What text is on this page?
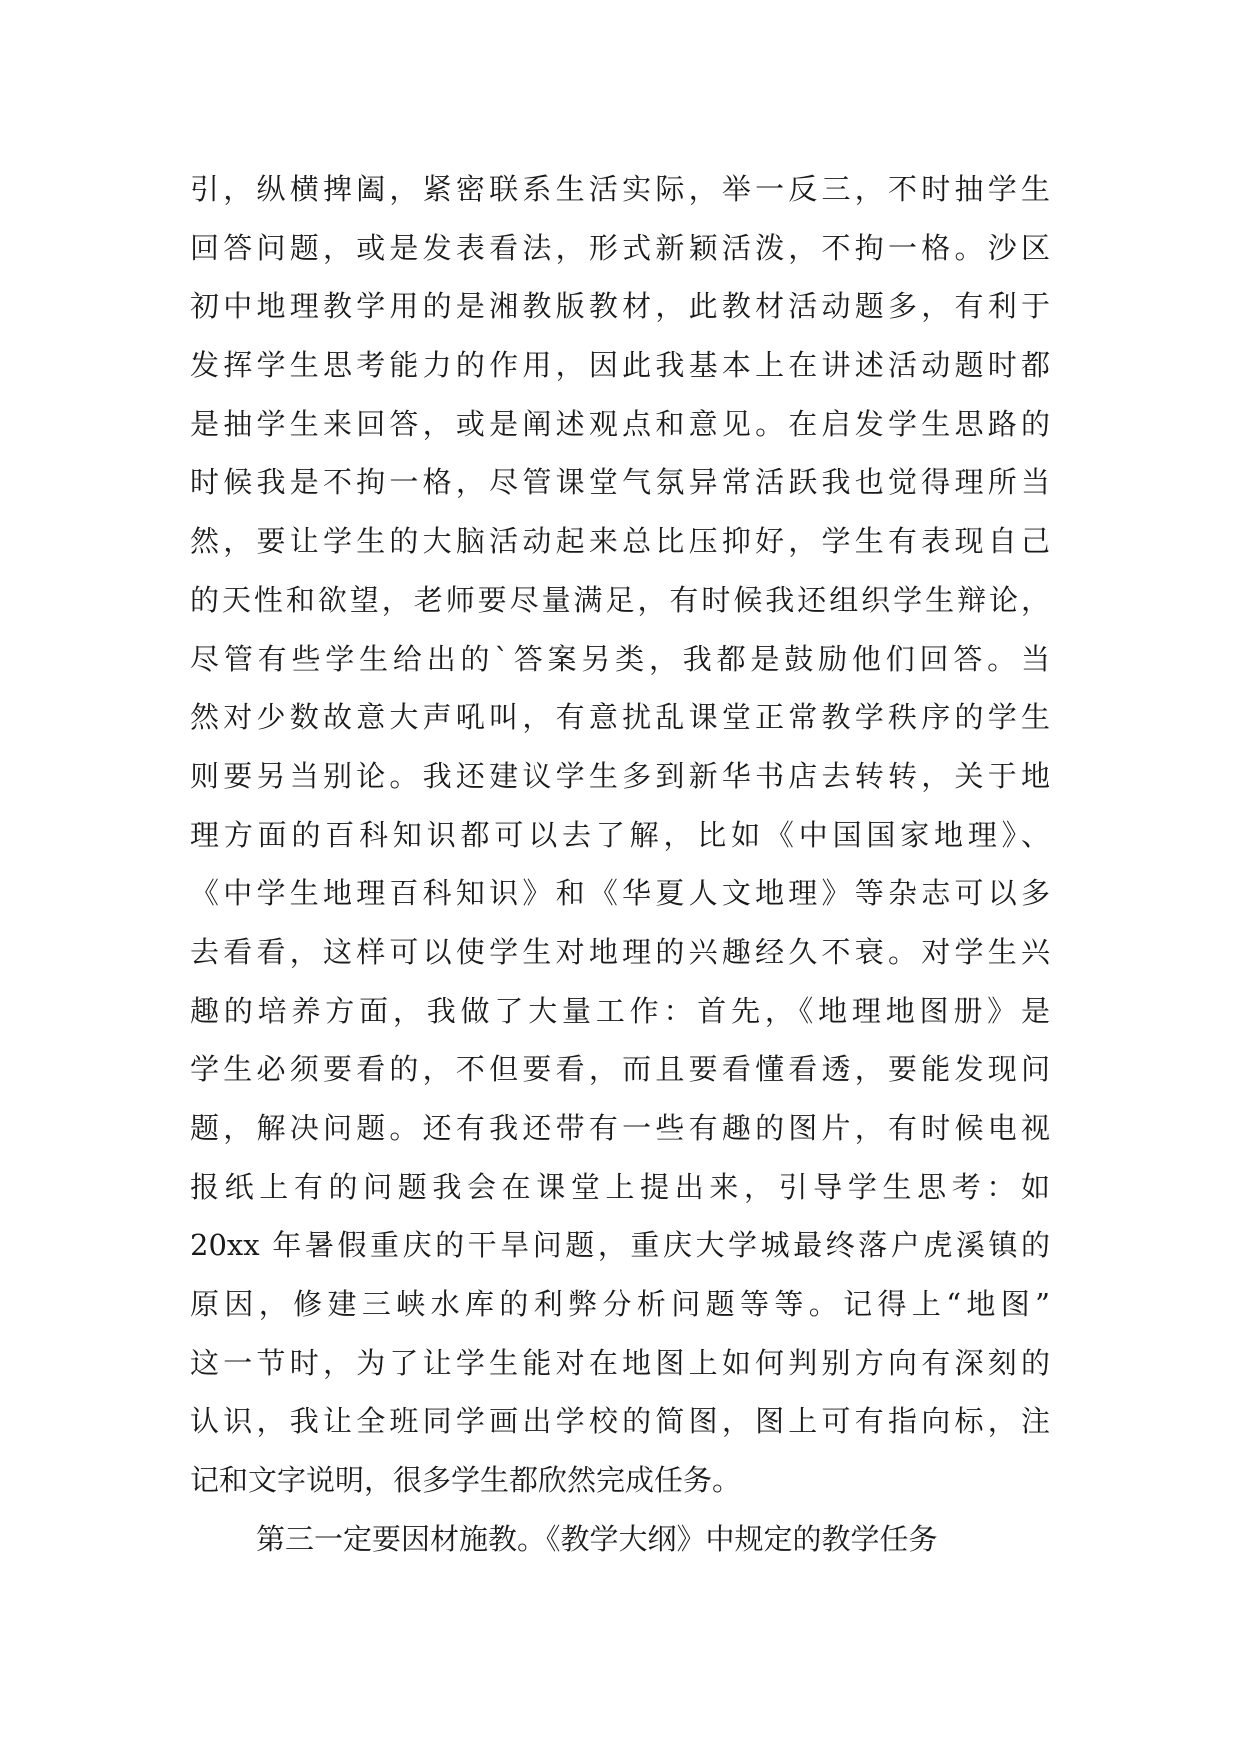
引，纵横捭阖，紧密联系生活实际，举一反三，不时抽学生
回答问题，或是发表看法，形式新颖活泼，不拘一格。沙区
初中地理教学用的是湘教版教材，此教材活动题多，有利于
发挥学生思考能力的作用，因此我基本上在讲述活动题时都
是抽学生来回答，或是阐述观点和意见。在启发学生思路的
时候我是不拘一格，尽管课堂气氛异常活跃我也觉得理所当
然，要让学生的大脑活动起来总比压抑好，学生有表现自己
的天性和欲望，老师要尽量满足，有时候我还组织学生辩论，
尽管有些学生给出的`答案另类，我都是鼓励他们回答。当
然对少数故意大声吼叫，有意扰乱课堂正常教学秩序的学生
则要另当别论。我还建议学生多到新华书店去转转，关于地
理方面的百科知识都可以去了解，比如《中国国家地理》、
《中学生地理百科知识》和《华夏人文地理》等杂志可以多
去看看，这样可以使学生对地理的兴趣经久不衰。对学生兴
趣的培养方面，我做了大量工作：首先，《地理地图册》是
学生必须要看的，不但要看，而且要看懂看透，要能发现问
题，解决问题。还有我还带有一些有趣的图片，有时候电视
报纸上有的问题我会在课堂上提出来，引导学生思考：如
20xx 年暑假重庆的干旱问题，重庆大学城最终落户虎溪镇的
原因，修建三峡水库的利弊分析问题等等。记得上“地图”
这一节时，为了让学生能对在地图上如何判别方向有深刻的
认识，我让全班同学画出学校的简图，图上可有指向标，注
记和文字说明，很多学生都欣然完成任务。
第三一定要因材施教。《教学大纲》中规定的教学任务
